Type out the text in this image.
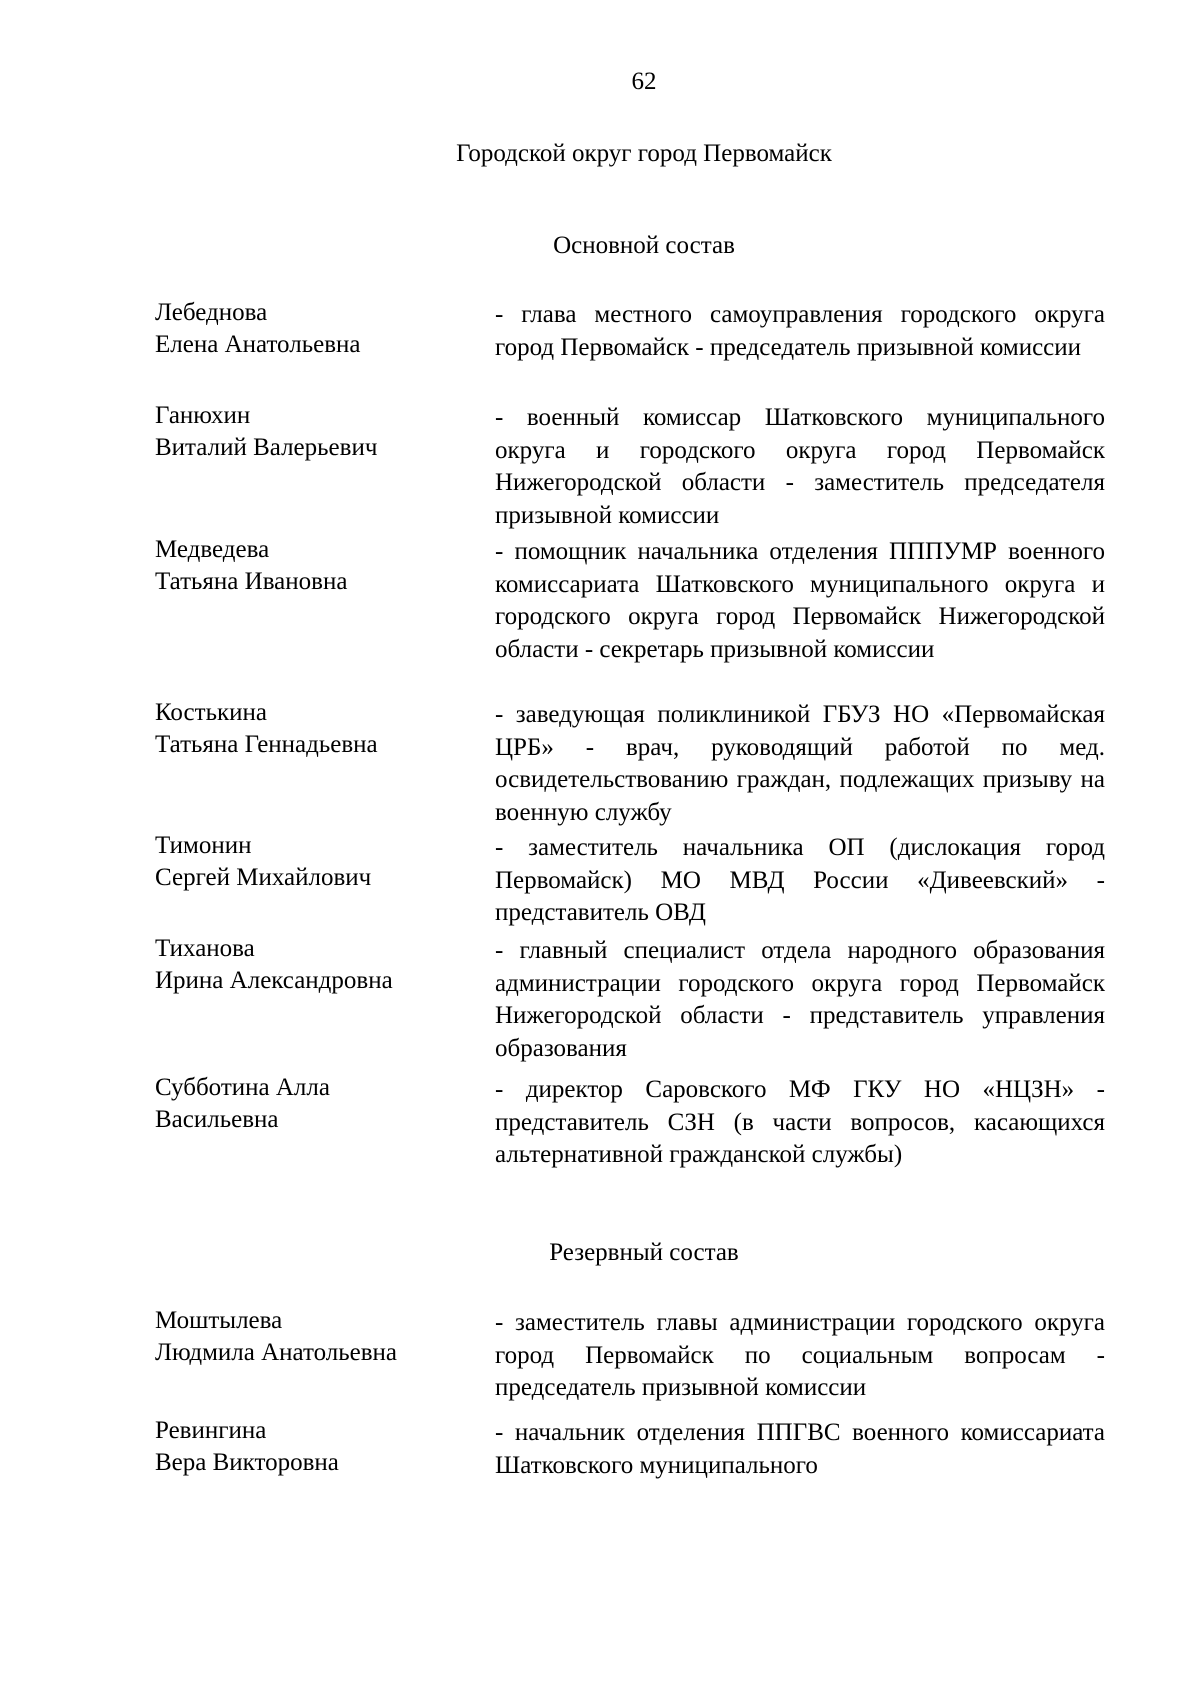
62
Городской округ город Первомайск
Основной состав
Лебеднова
Елена Анатольевна
- глава местного самоуправления городского округа город Первомайск - председатель призывной комиссии
Ганюхин
Виталий Валерьевич
- военный комиссар Шатковского муниципального округа и городского округа город Первомайск Нижегородской области - заместитель председателя призывной комиссии
Медведева
Татьяна Ивановна
- помощник начальника отделения ПППУМР военного комиссариата Шатковского муниципального округа и городского округа город Первомайск Нижегородской области - секретарь призывной комиссии
Костькина
Татьяна Геннадьевна
- заведующая поликлиникой ГБУЗ НО «Первомайская ЦРБ» - врач, руководящий работой по мед. освидетельствованию граждан, подлежащих призыву на военную службу
Тимонин
Сергей Михайлович
- заместитель начальника ОП (дислокация город Первомайск) МО МВД России «Дивеевский» - представитель ОВД
Тиханова
Ирина Александровна
- главный специалист отдела народного образования администрации городского округа город Первомайск Нижегородской области - представитель управления образования
Субботина Алла
Васильевна
- директор Саровского МФ ГКУ НО «НЦЗН» - представитель СЗН (в части вопросов, касающихся альтернативной гражданской службы)
Резервный состав
Моштылева
Людмила Анатольевна
- заместитель главы администрации городского округа город Первомайск по социальным вопросам - председатель призывной комиссии
Ревингина
Вера Викторовна
- начальник отделения ППГВС военного комиссариата Шатковского муниципального
